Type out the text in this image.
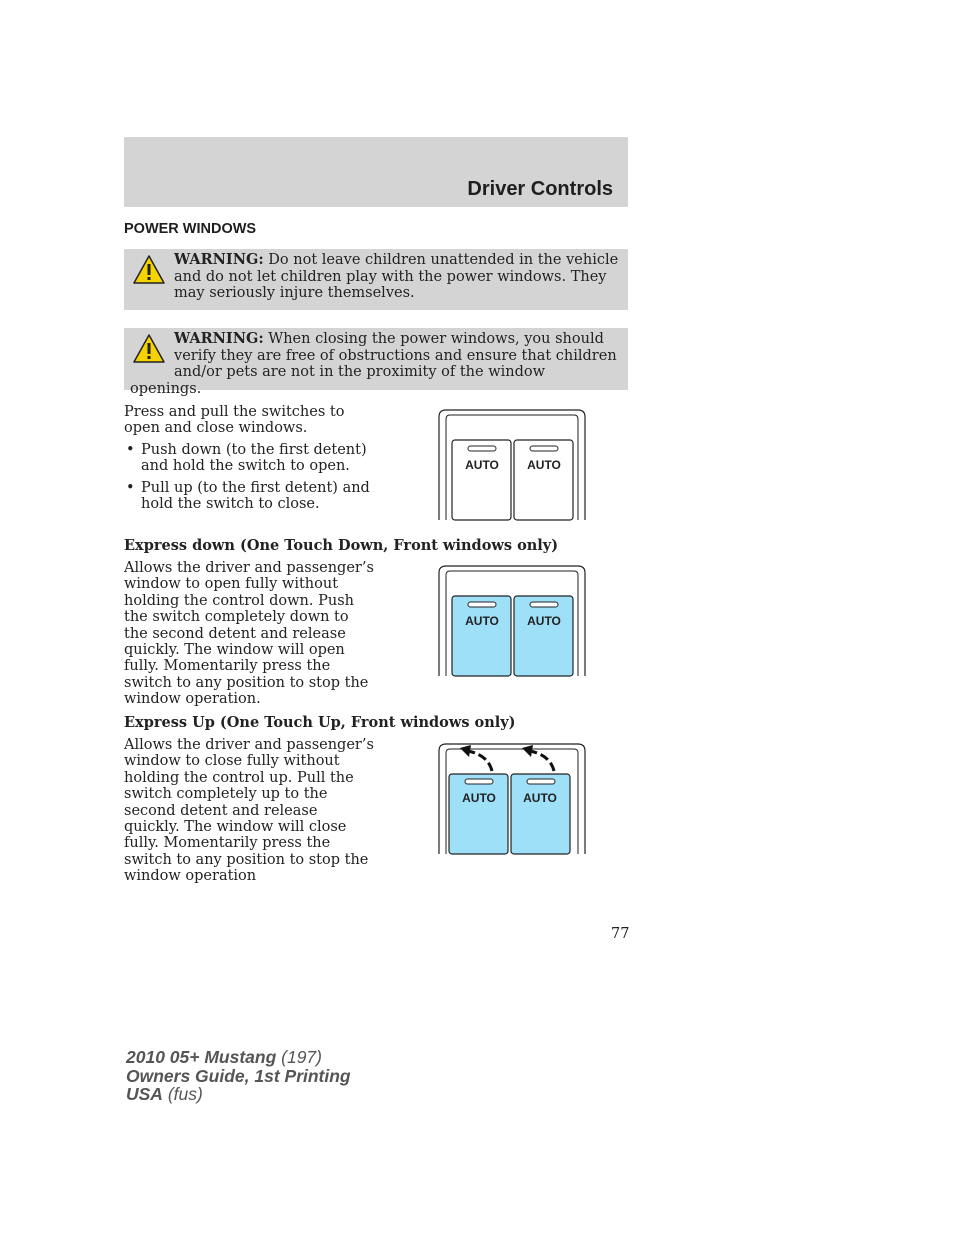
Driver Controls
POWER WINDOWS
WARNING: Do not leave children unattended in the vehicle and do not let children play with the power windows. They may seriously injure themselves.
WARNING: When closing the power windows, you should verify they are free of obstructions and ensure that children and/or pets are not in the proximity of the window openings.

Press and pull the switches to open and close windows.

• Push down (to the first detent) and hold the switch to open.
• Pull up (to the first detent) and hold the switch to close.
AUTO AUTO
Express down (One Touch Down, Front windows only)
Allows the driver and passenger’s window to open fully without holding the control down. Push the switch completely down to the second detent and release quickly. The window will open fully. Momentarily press the switch to any position to stop the window operation.
AUTO AUTO
Express Up (One Touch Up, Front windows only)
Allows the driver and passenger’s window to close fully without holding the control up. Pull the switch completely up to the second detent and release quickly. The window will close fully. Momentarily press the switch to any position to stop the window operation
AUTO AUTO
77
2010 05+ Mustang (197)
Owners Guide, 1st Printing
USA (fus)
